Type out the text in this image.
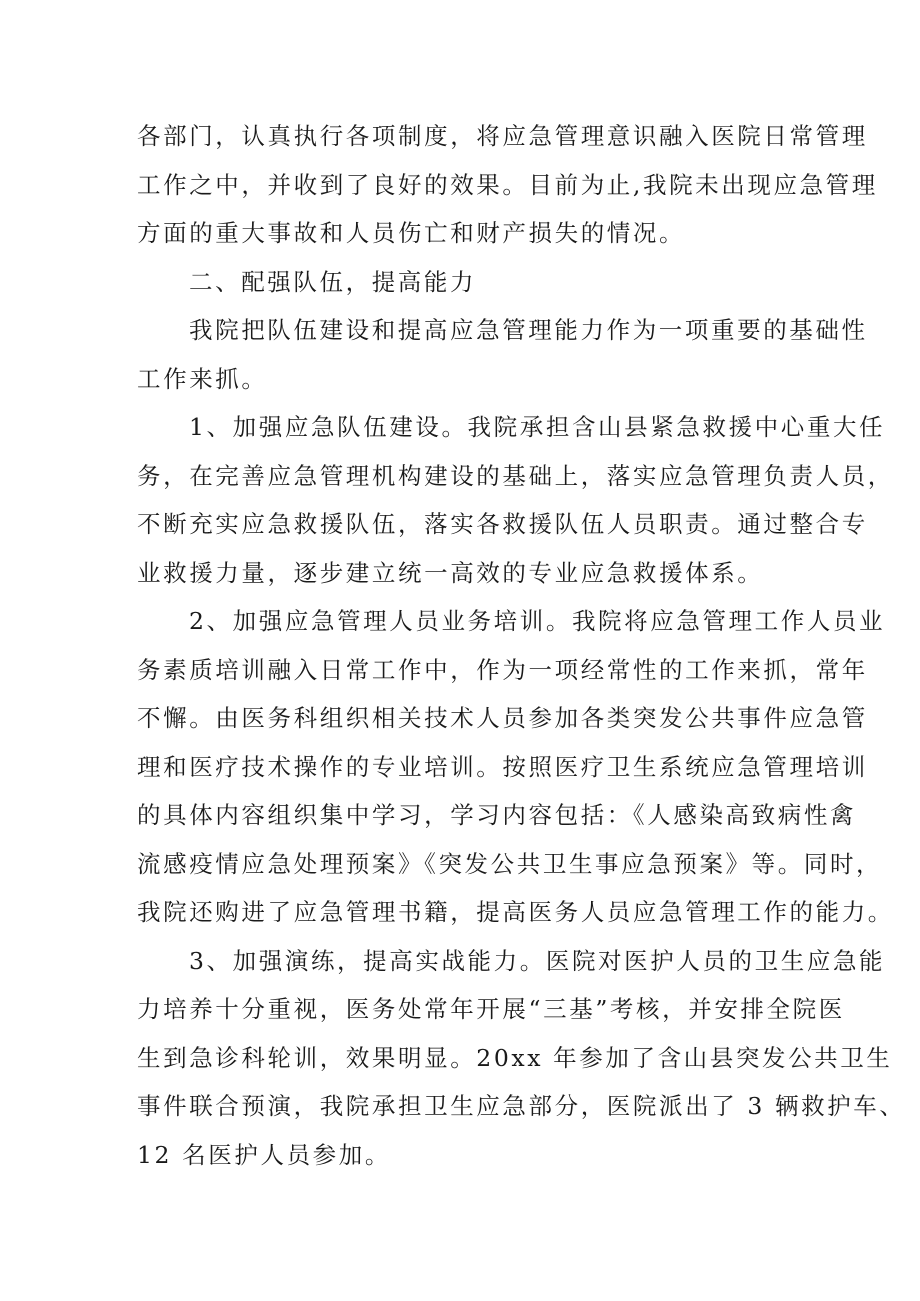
各部门，认真执行各项制度，将应急管理意识融入医院日常管理
工作之中，并收到了良好的效果。目前为止,我院未出现应急管理
方面的重大事故和人员伤亡和财产损失的情况。
二、配强队伍，提高能力
我院把队伍建设和提高应急管理能力作为一项重要的基础性
工作来抓。
1、加强应急队伍建设。我院承担含山县紧急救援中心重大任
务，在完善应急管理机构建设的基础上，落实应急管理负责人员，
不断充实应急救援队伍，落实各救援队伍人员职责。通过整合专
业救援力量，逐步建立统一高效的专业应急救援体系。
2、加强应急管理人员业务培训。我院将应急管理工作人员业
务素质培训融入日常工作中，作为一项经常性的工作来抓，常年
不懈。由医务科组织相关技术人员参加各类突发公共事件应急管
理和医疗技术操作的专业培训。按照医疗卫生系统应急管理培训
的具体内容组织集中学习，学习内容包括：《人感染高致病性禽
流感疫情应急处理预案》《突发公共卫生事应急预案》等。同时，
我院还购进了应急管理书籍，提高医务人员应急管理工作的能力。
3、加强演练，提高实战能力。医院对医护人员的卫生应急能
力培养十分重视，医务处常年开展“三基”考核，并安排全院医
生到急诊科轮训，效果明显。20xx 年参加了含山县突发公共卫生
事件联合预演，我院承担卫生应急部分，医院派出了 3 辆救护车、
12 名医护人员参加。
